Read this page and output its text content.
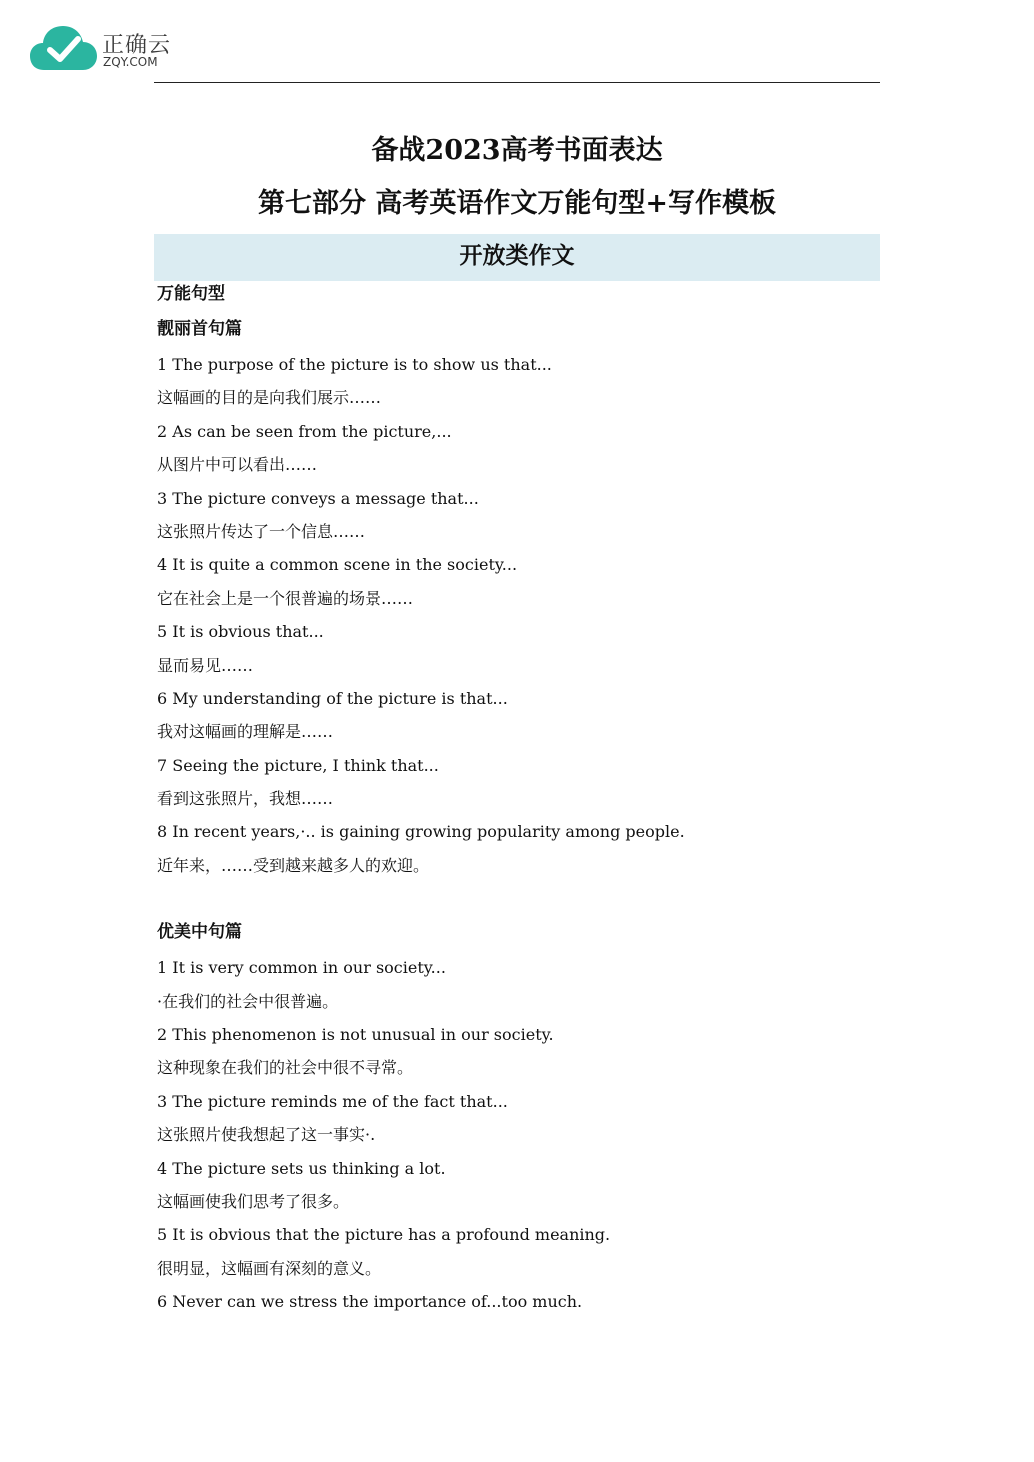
正确云
ZQY.COM
备战2023高考书面表达
第七部分 高考英语作文万能句型+写作模板
开放类作文
万能句型
靓丽首句篇
1 The purpose of the picture is to show us that...
这幅画的目的是向我们展示……
2 As can be seen from the picture,...
从图片中可以看出……
3 The picture conveys a message that...
这张照片传达了一个信息……
4 It is quite a common scene in the society...
它在社会上是一个很普遍的场景……
5 It is obvious that...
显而易见……
6 My understanding of the picture is that...
我对这幅画的理解是……
7 Seeing the picture, I think that...
看到这张照片，我想……
8 In recent years,·.. is gaining growing popularity among people.
近年来，……受到越来越多人的欢迎。
优美中句篇
1 It is very common in our society...
·在我们的社会中很普遍。
2 This phenomenon is not unusual in our society.
这种现象在我们的社会中很不寻常。
3 The picture reminds me of the fact that...
这张照片使我想起了这一事实·.
4 The picture sets us thinking a lot.
这幅画使我们思考了很多。
5 It is obvious that the picture has a profound meaning.
很明显，这幅画有深刻的意义。
6 Never can we stress the importance of...too much.
